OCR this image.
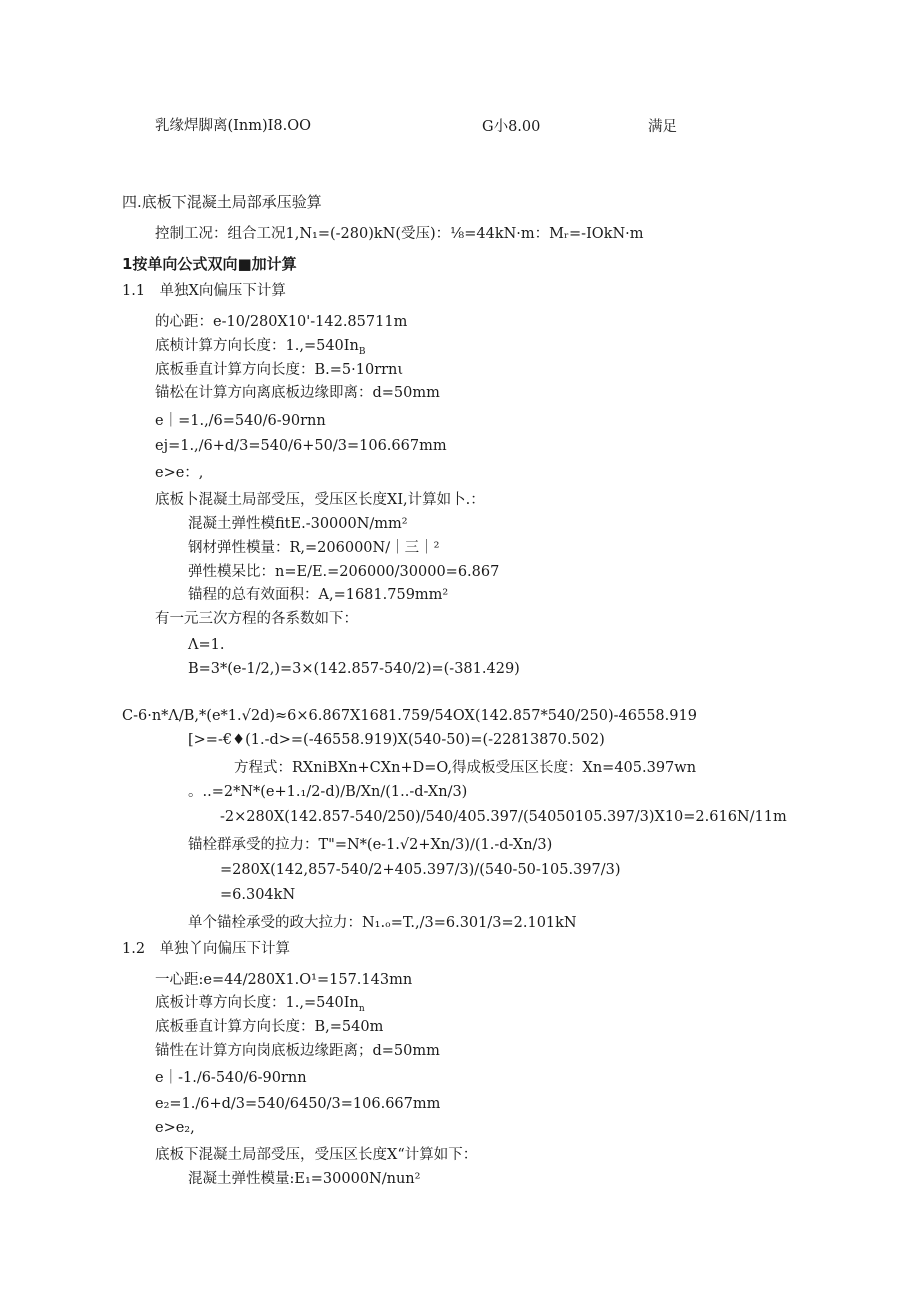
乳缘焊脚离(Inm)I8.OO	G小8.00	满足
四.底板下混凝土局部承压验算
控制工况：组合工况1,N₁=(-280)kN(受压)：⅛=44kN·m：Mᵣ=-IOkN·m
1按单向公式双向■加计算
1.1　单独X向偏压下计算
的心距：e-10/280X10'-142.85711m
底桢计算方向长度：$1.,=540In_B$
底板垂直计算方向长度：B.=5·10rrnι
锚松在计算方向离底板边缘即离：d=50mm
e｜=1.,/6=540/6-90rnn
ej=1.,∕6+d∕3=540∕6+50∕3=106.667mm
e>e：,
底板卜混凝土局部受压，受压区长度XI,计算如卜.：
混凝土弹性模fitE.-30000N∕mm²
钢材弹性模量：R,=206000N∕｜三｜²
弹性模呆比：n=E∕E.=206000/30000=6.867
锚程的总有效面积：A,=1681.759mm²
有一元三次方程的各系数如下：
Λ=1.
B=3*(e-1∕2,)=3×(142.857-540/2)=(-381.429)
C-6·n*Λ∕B,*(e*1.√2d)≈6×6.867X1681.759/54OX(142.857*540/250)-46558.919
[>=-€♦(1.-d>=(-46558.919)X(540-50)=(-22813870.502)
方程式：RXniBXn+CXn+D=O,得成板受压区长度：Xn=405.397wn
。..=2*N*(e+1.₁/2-d)∕B∕Xn∕(1..-d-Xn∕3)
-2×280X(142.857-540/250)/540/405.397/(54050105.397/3)X10=2.616N∕11m
锚栓群承受的拉力：T"=N*(e-1.√2+Xn∕3)∕(1.-d-Xn∕3)
=280X(142,857-540/2+405.397/3)/(540-50-105.397/3)
=6.304kN
单个锚栓承受的政大拉力：N₁.ₒ=T.,/3=6.301/3=2.101kN
1.2　单独丫向偏压下计算
一心距:e=44∕280X1.O¹=157.143mn
底板计尊方向长度：$1.,=540In_n$
底板垂直计算方向长度：B,=540m
锚性在计算方向岗底板边缘距离；d=50mm
e｜-1.∕6-540∕6-90rnn
e₂=1.∕6+d∕3=540∕6450∕3=106.667mm
e>e₂,
底板下混凝土局部受压，受压区长度X“计算如下：
混凝土弹性模量:E₁=30000N∕nun²
